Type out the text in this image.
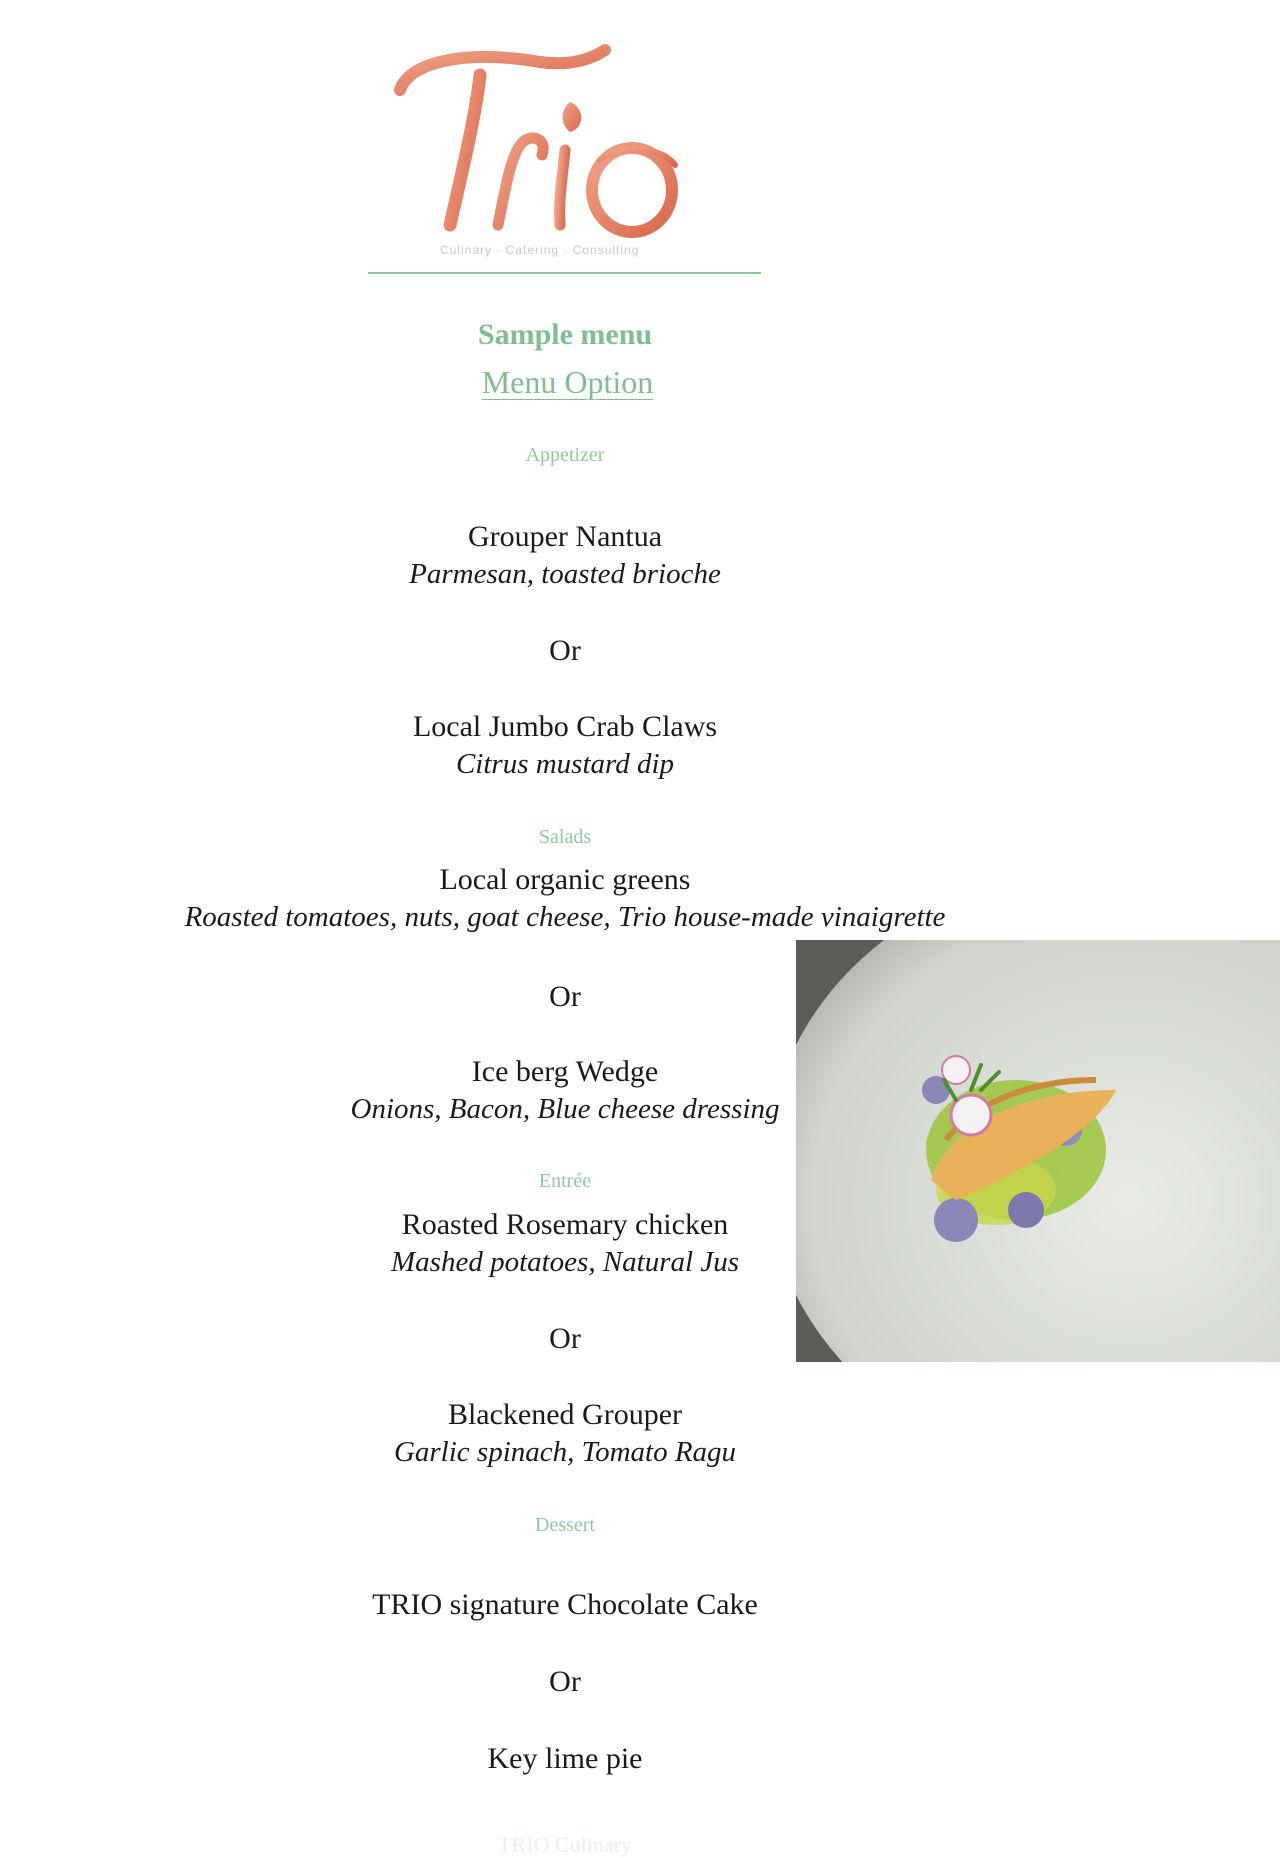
Culinary · Catering · Consulting
Sample menu
Menu Option
Appetizer
Grouper Nantua
Parmesan, toasted brioche
Or
Local Jumbo Crab Claws
Citrus mustard dip
Salads
Local organic greens
Roasted tomatoes, nuts, goat cheese, Trio house-made vinaigrette
Or
Ice berg Wedge
Onions, Bacon, Blue cheese dressing
Entrée
Roasted Rosemary chicken
Mashed potatoes, Natural Jus
Or
Blackened Grouper
Garlic spinach, Tomato Ragu
Dessert
TRIO signature Chocolate Cake
Or
Key lime pie
TRIO Culinary
